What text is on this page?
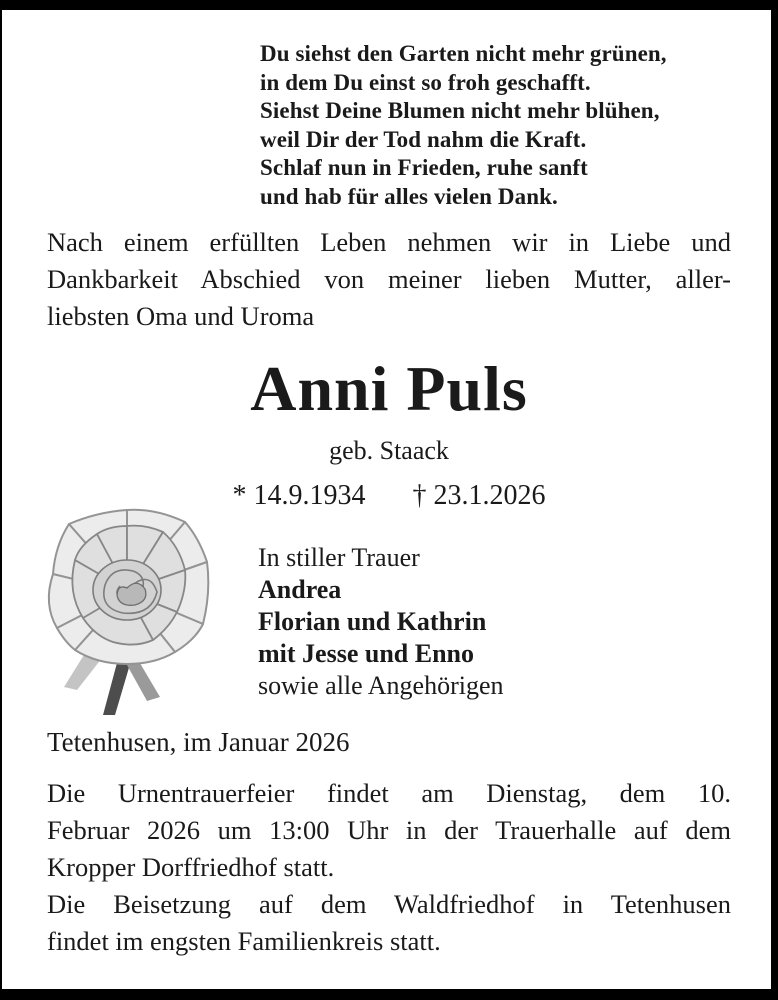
Du siehst den Garten nicht mehr grünen,
in dem Du einst so froh geschafft.
Siehst Deine Blumen nicht mehr blühen,
weil Dir der Tod nahm die Kraft.
Schlaf nun in Frieden, ruhe sanft
und hab für alles vielen Dank.
Nach einem erfüllten Leben nehmen wir in Liebe und
Dankbarkeit Abschied von meiner lieben Mutter, aller-
liebsten Oma und Uroma
Anni Puls
geb. Staack
* 14.9.1934 † 23.1.2026
In stiller Trauer
Andrea
Florian und Kathrin
mit Jesse und Enno
sowie alle Angehörigen
Tetenhusen, im Januar 2026
Die Urnentrauerfeier findet am Dienstag, dem 10.
Februar 2026 um 13:00 Uhr in der Trauerhalle auf dem
Kropper Dorffriedhof statt.
Die Beisetzung auf dem Waldfriedhof in Tetenhusen
findet im engsten Familienkreis statt.
